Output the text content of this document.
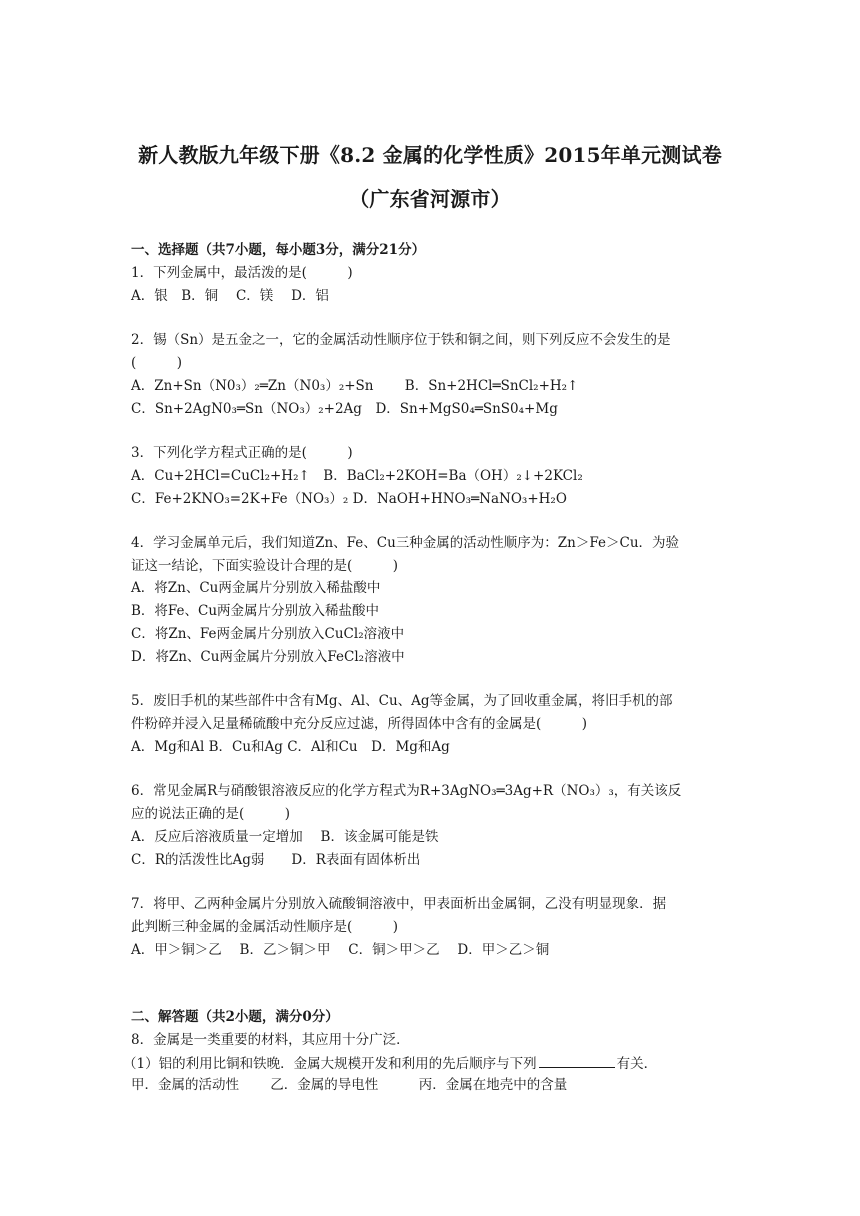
新人教版九年级下册《8.2 金属的化学性质》2015年单元测试卷
（广东省河源市）
一、选择题（共7小题，每小题3分，满分21分）
1．下列金属中，最活泼的是(　　　)
A．银　B．铜　 C．镁　 D．铝
2．锡（Sn）是五金之一，它的金属活动性顺序位于铁和铜之间，则下列反应不会发生的是
(　　　)
A．Zn+Sn（N0₃）₂═Zn（N0₃）₂+Sn　　 B．Sn+2HCl═SnCl₂+H₂↑
C．Sn+2AgN0₃═Sn（NO₃）₂+2Ag　D．Sn+MgS0₄═SnS0₄+Mg
3．下列化学方程式正确的是(　　　)
A．Cu+2HCl=CuCl₂+H₂↑　B．BaCl₂+2KOH=Ba（OH）₂↓+2KCl₂
C．Fe+2KNO₃=2K+Fe（NO₃）₂ D．NaOH+HNO₃═NaNO₃+H₂O
4．学习金属单元后，我们知道Zn、Fe、Cu三种金属的活动性顺序为：Zn＞Fe＞Cu．为验
证这一结论，下面实验设计合理的是(　　　)
A．将Zn、Cu两金属片分别放入稀盐酸中
B．将Fe、Cu两金属片分别放入稀盐酸中
C．将Zn、Fe两金属片分别放入CuCl₂溶液中
D．将Zn、Cu两金属片分别放入FeCl₂溶液中
5．废旧手机的某些部件中含有Mg、Al、Cu、Ag等金属，为了回收重金属，将旧手机的部
件粉碎并浸入足量稀硫酸中充分反应过滤，所得固体中含有的金属是(　　　)
A．Mg和Al B．Cu和Ag C．Al和Cu　D．Mg和Ag
6．常见金属R与硝酸银溶液反应的化学方程式为R+3AgNO₃═3Ag+R（NO₃）₃，有关该反
应的说法正确的是(　　　)
A．反应后溶液质量一定增加　 B．该金属可能是铁
C．R的活泼性比Ag弱　　D．R表面有固体析出
7．将甲、乙两种金属片分别放入硫酸铜溶液中，甲表面析出金属铜，乙没有明显现象．据
此判断三种金属的金属活动性顺序是(　　　)
A．甲＞铜＞乙　 B．乙＞铜＞甲　 C．铜＞甲＞乙　 D．甲＞乙＞铜
二、解答题（共2小题，满分0分）
8．金属是一类重要的材料，其应用十分广泛．
（1）铝的利用比铜和铁晚．金属大规模开发和利用的先后顺序与下列	有关．
甲．金属的活动性　　 乙．金属的导电性　　　丙．金属在地壳中的含量
